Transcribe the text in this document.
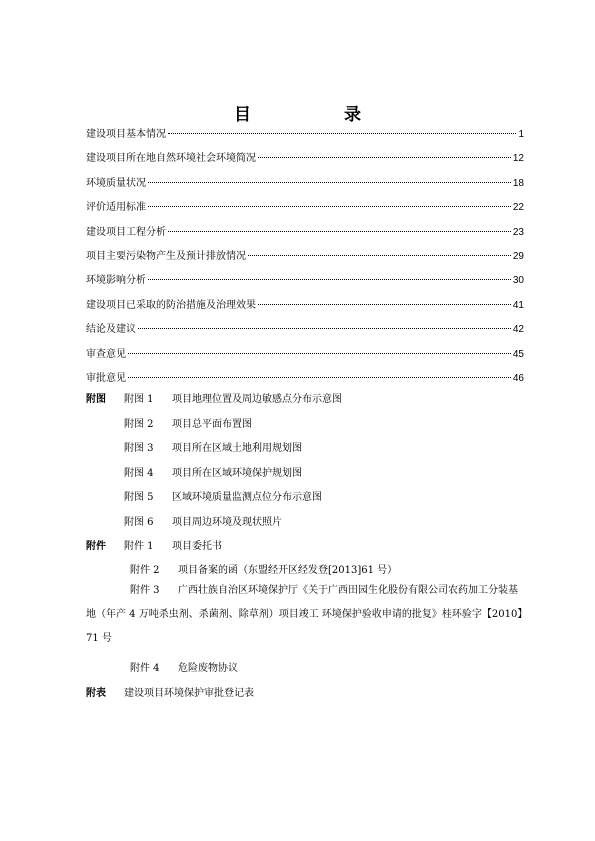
目　录
建设项目基本情况	1
建设项目所在地自然环境社会环境简况	12
环境质量状况	18
评价适用标准	22
建设项目工程分析	23
项目主要污染物产生及预计排放情况	29
环境影响分析	30
建设项目已采取的防治措施及治理效果	41
结论及建议	42
审查意见	45
审批意见	46
附图 附图 1 项目地理位置及周边敏感点分布示意图
附图 2 项目总平面布置图
附图 3 项目所在区域土地利用规划图
附图 4 项目所在区域环境保护规划图
附图 5 区域环境质量监测点位分布示意图
附图 6 项目周边环境及现状照片
附件 附件 1 项目委托书
附件 2 项目备案的函（东盟经开区经发登[2013]61 号）
附件 3 广西壮族自治区环境保护厅《关于广西田园生化股份有限公司农药加工分装基地（年产 4 万吨杀虫剂、杀菌剂、除草剂）项目竣工 环境保护验收申请的批复》桂环验字【2010】71 号
附件 4 危险废物协议
附表 建设项目环境保护审批登记表
